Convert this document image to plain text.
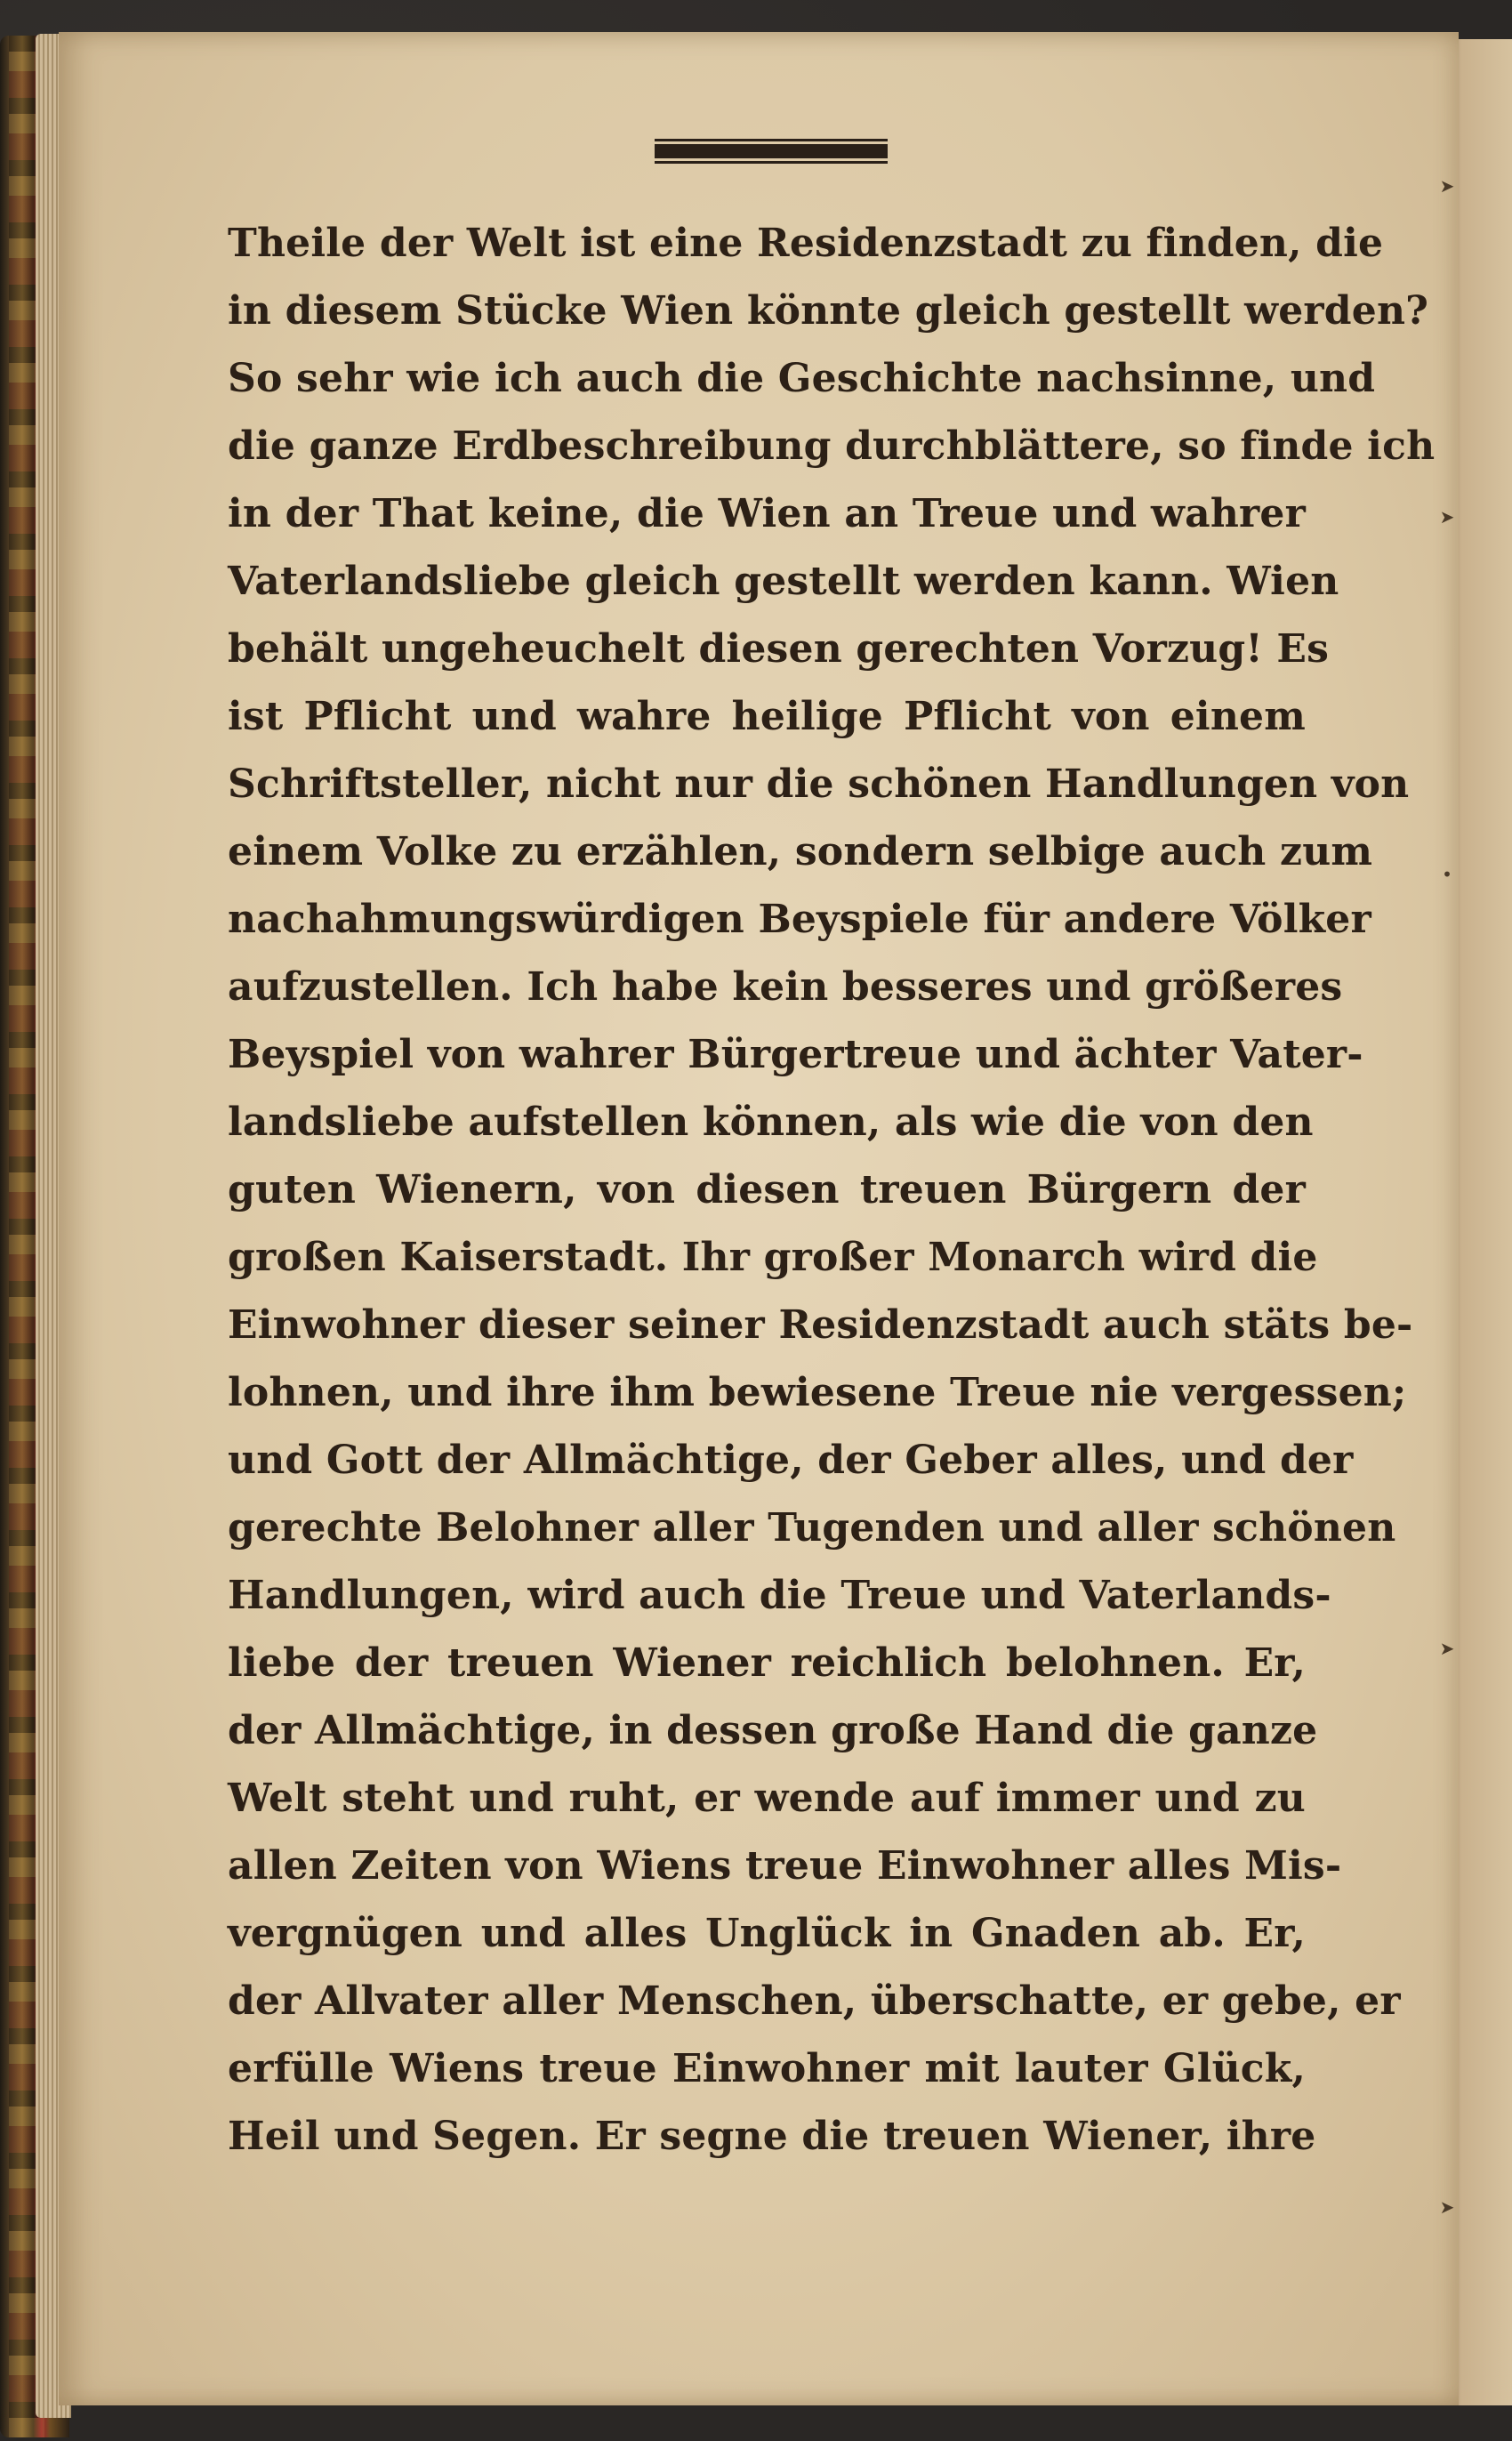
➤
➤
•
➤
➤
Theile der Welt ist eine Residenzstadt zu finden, die
in diesem Stücke Wien könnte gleich gestellt werden?
So sehr wie ich auch die Geschichte nachsinne, und
die ganze Erdbeschreibung durchblättere, so finde ich
in der That keine, die Wien an Treue und wahrer
Vaterlandsliebe gleich gestellt werden kann. Wien
behält ungeheuchelt diesen gerechten Vorzug! Es
ist Pflicht und wahre heilige Pflicht von einem
Schriftsteller, nicht nur die schönen Handlungen von
einem Volke zu erzählen, sondern selbige auch zum
nachahmungswürdigen Beyspiele für andere Völker
aufzustellen. Ich habe kein besseres und größeres
Beyspiel von wahrer Bürgertreue und ächter Vater-
landsliebe aufstellen können, als wie die von den
guten Wienern, von diesen treuen Bürgern der
großen Kaiserstadt. Ihr großer Monarch wird die
Einwohner dieser seiner Residenzstadt auch stäts be-
lohnen, und ihre ihm bewiesene Treue nie vergessen;
und Gott der Allmächtige, der Geber alles, und der
gerechte Belohner aller Tugenden und aller schönen
Handlungen, wird auch die Treue und Vaterlands-
liebe der treuen Wiener reichlich belohnen. Er,
der Allmächtige, in dessen große Hand die ganze
Welt steht und ruht, er wende auf immer und zu
allen Zeiten von Wiens treue Einwohner alles Mis-
vergnügen und alles Unglück in Gnaden ab. Er,
der Allvater aller Menschen, überschatte, er gebe, er
erfülle Wiens treue Einwohner mit lauter Glück,
Heil und Segen. Er segne die treuen Wiener, ihre
